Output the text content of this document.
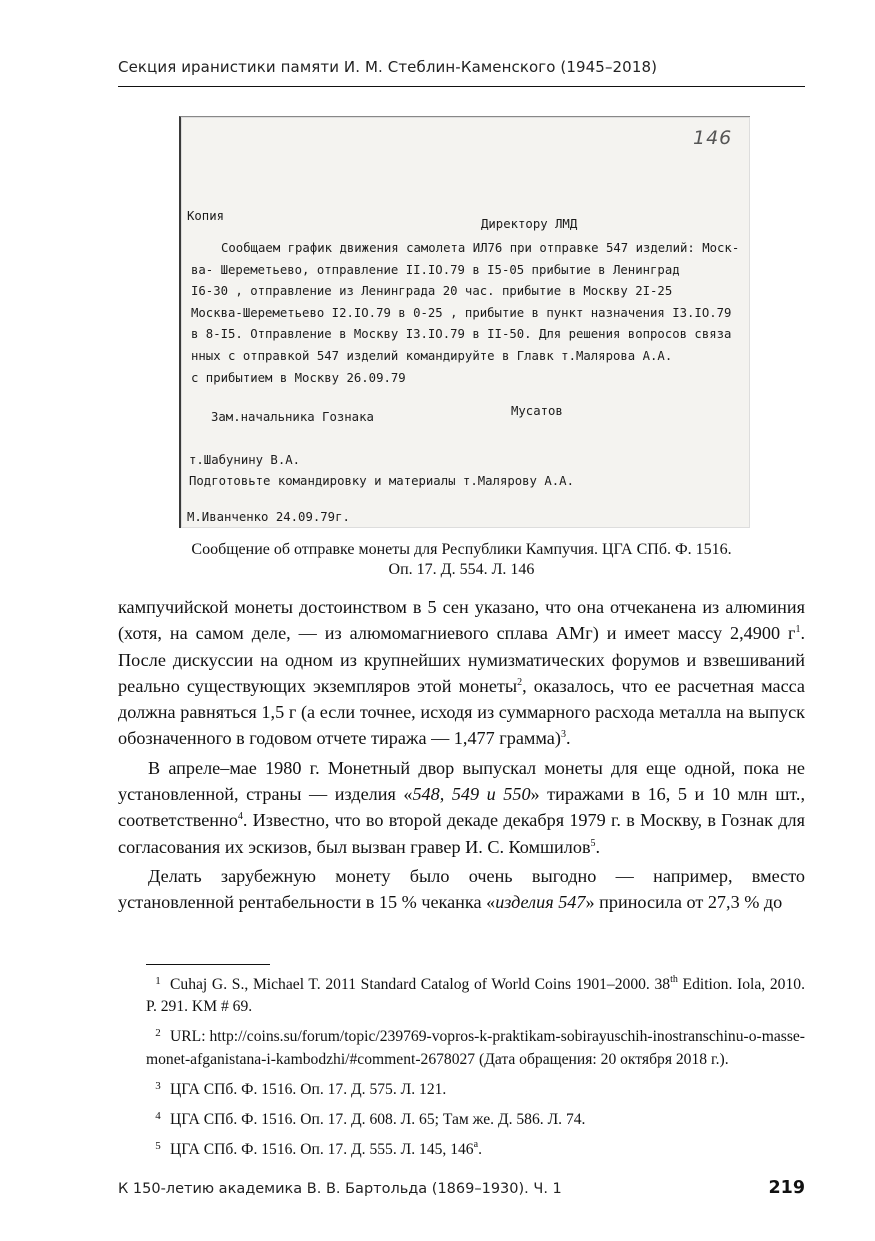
Секция иранистики памяти И. М. Стеблин-Каменского (1945–2018)
146
Копия
Директору ЛМД
Сообщаем график движения самолета ИЛ76 при отправке 547 изделий: Моск-
ва- Шереметьево, отправление II.IO.79 в I5-05 прибытие в Ленинград
I6-30 , отправление из Ленинграда 20 час. прибытие в Москву 2I-25
Москва-Шереметьево I2.IO.79 в 0-25 , прибытие в пункт назначения I3.IO.79
в 8-I5. Отправление в Москву I3.IO.79 в II-50. Для решения вопросов связа
нных с отправкой 547 изделий командируйте в Главк т.Малярова А.А.
с прибытием в Москву 26.09.79
Зам.начальника Гознака	Мусатов
т.Шабунину В.А.
Подготовьте командировку и материалы т.Малярову А.А.
М.Иванченко 24.09.79г.
Сообщение об отправке монеты для Республики Кампучия. ЦГА СПб. Ф. 1516.
Оп. 17. Д. 554. Л. 146

кампучийской монеты достоинством в 5 сен указано, что она отчеканена из алюминия (хотя, на самом деле, — из алюмомагниевого сплава АМг) и имеет массу 2,4900 $г^1$. После дискуссии на одном из крупнейших нумизматических форумов и взвешиваний реально существующих экземпляров этой монеты$^2$, оказалось, что ее расчетная масса должна равняться 1,5 г (а если точнее, исходя из суммарного расхода металла на выпуск обозначенного в годовом отчете тиража — 1,477 грамма)$^3$.

В апреле–мае 1980 г. Монетный двор выпускал монеты для еще одной, пока не установленной, страны — изделия «548, 549 и 550» тиражами в 16, 5 и 10 млн шт., соответственно$^4$. Известно, что во второй декаде декабря 1979 г. в Москву, в Гознак для согласования их эскизов, был вызван гравер И. С. Комшилов$^5$.

Делать зарубежную монету было очень выгодно — например, вместо установленной рентабельности в 15 % чеканка «изделия 547» приносила от 27,3 % до

1 Cuhaj G. S., Michael T. 2011 Standard Catalog of World Coins 1901–2000. 38th Edition. Iola, 2010. P. 291. KM # 69.
2 URL: http://coins.su/forum/topic/239769-vopros-k-praktikam-sobirayuschih-inostranschinu-o-masse-monet-afganistana-i-kambodzhi/#comment-2678027 (Дата обращения: 20 октября 2018 г.).
3 ЦГА СПб. Ф. 1516. Оп. 17. Д. 575. Л. 121.
4 ЦГА СПб. Ф. 1516. Оп. 17. Д. 608. Л. 65; Там же. Д. 586. Л. 74.
5 ЦГА СПб. Ф. 1516. Оп. 17. Д. 555. Л. 145, $146^а$.
К 150-летию академика В. В. Бартольда (1869–1930). Ч. 1	219
